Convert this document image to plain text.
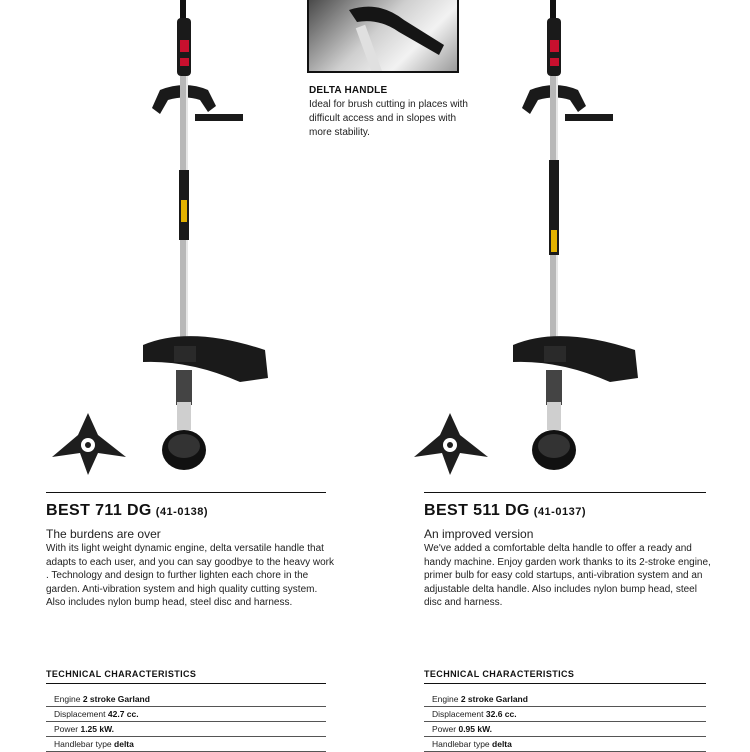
DELTA HANDLE
Ideal for brush cutting in places with difficult access and in slopes with more stability.
BEST 711 DG (41-0138)
The burdens are over
With its light weight dynamic engine, delta versatile handle that adapts to each user, and you can say goodbye to the heavy work . Technology and design to further lighten each chore in the garden. Anti-vibration system and high quality cutting system. Also includes nylon bump head, steel disc and harness.
TECHNICAL CHARACTERISTICS
Engine 2 stroke Garland
Displacement 42.7 cc.
Power 1.25 kW.
Handlebar type delta
BEST 511 DG (41-0137)
An improved version
We've added a comfortable delta handle to offer a ready and handy machine. Enjoy garden work thanks to its 2-stroke engine, primer bulb for easy cold startups, anti-vibration system and an adjustable delta handle. Also includes nylon bump head, steel disc and harness.
TECHNICAL CHARACTERISTICS
Engine 2 stroke Garland
Displacement 32.6 cc.
Power 0.95 kW.
Handlebar type delta
